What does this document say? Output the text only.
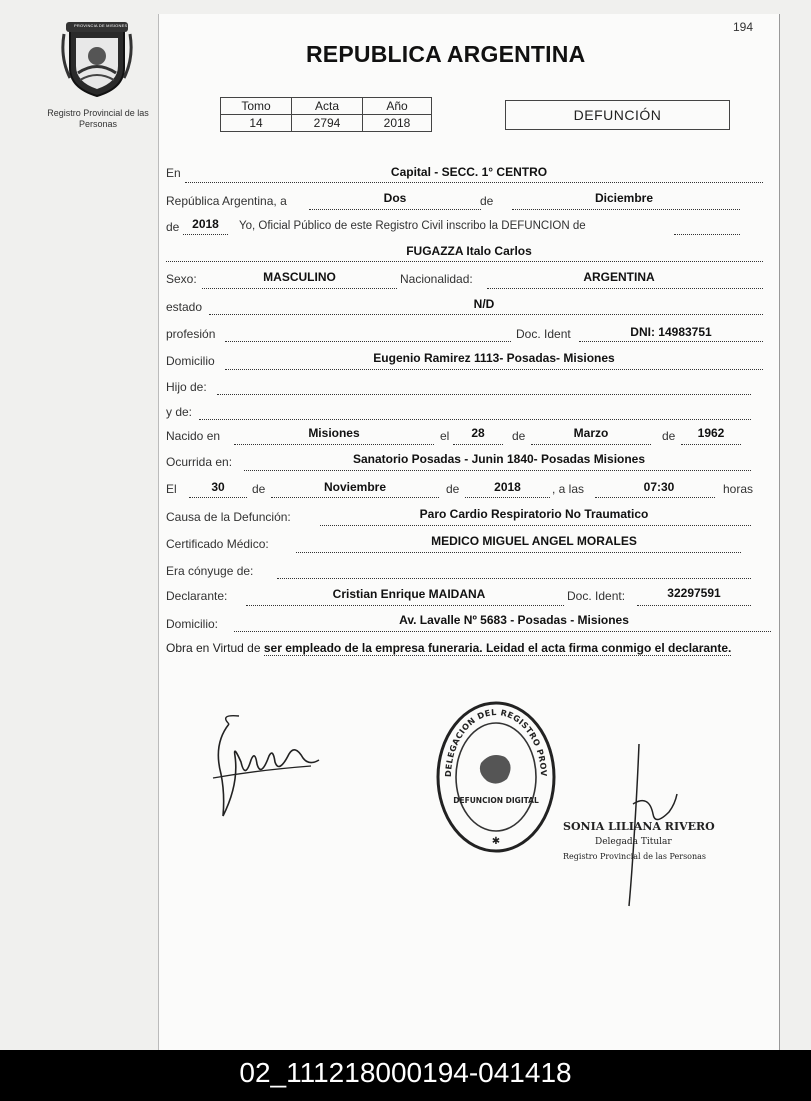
PROVINCIA DE MISIONES
Registro Provincial de las Personas
194
REPUBLICA ARGENTINA
Tomo	Acta	Año
14	2794	2018	DEFUNCIÓN
En	Capital - SECC. 1° CENTRO
República Argentina, a	Dos	de	Diciembre
de	2018	Yo, Oficial Público de este Registro Civil inscribo la DEFUNCION de
FUGAZZA Italo Carlos
Sexo:	MASCULINO	Nacionalidad:	ARGENTINA
estado	N/D
profesión	Doc. Ident	DNI: 14983751
Domicilio	Eugenio Ramirez 1113- Posadas- Misiones
Hijo de:
y de:
Nacido en	Misiones	el	28	de	Marzo	de	1962
Ocurrida en:	Sanatorio Posadas - Junin 1840- Posadas Misiones
El	30	de	Noviembre	de	2018	, a las	07:30	horas
Causa de la Defunción:	Paro Cardio Respiratorio No Traumatico
Certificado Médico:	MEDICO MIGUEL ANGEL MORALES
Era cónyuge de:
Declarante:	Cristian Enrique MAIDANA	Doc. Ident:	32297591
Domicilio:	Av. Lavalle Nº 5683 - Posadas - Misiones
Obra en Virtud de ser empleado de la empresa funeraria. Leidad el acta firma conmigo el declarante.
DELEGACION DEL REGISTRO PROV
DEFUNCION DIGITAL
✱
SONIA LILIANA RIVERO
Delegada Titular
Registro Provincial de las Personas
02_111218000194-041418
